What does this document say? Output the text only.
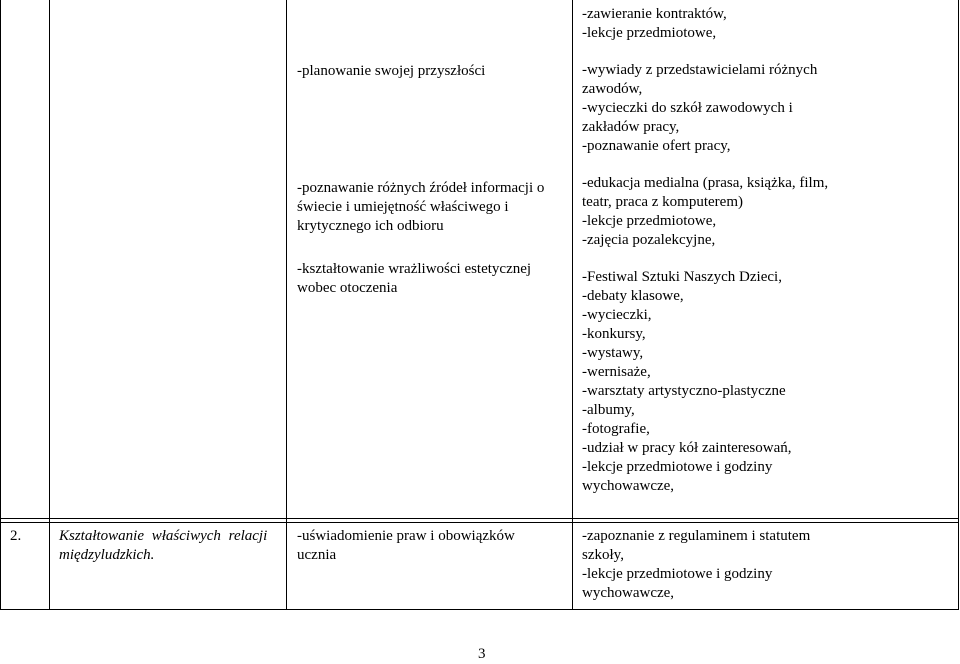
-planowanie swojej przyszłości
-poznawanie różnych źródeł informacji o
świecie i umiejętność właściwego i
krytycznego ich odbioru
-kształtowanie wrażliwości estetycznej
wobec otoczenia
-zawieranie kontraktów,
-lekcje przedmiotowe,
-wywiady z przedstawicielami różnych
zawodów,
-wycieczki do szkół zawodowych i
zakładów pracy,
-poznawanie ofert pracy,
-edukacja medialna (prasa, książka, film,
teatr, praca z komputerem)
-lekcje przedmiotowe,
-zajęcia pozalekcyjne,
-Festiwal Sztuki Naszych Dzieci,
-debaty klasowe,
-wycieczki,
-konkursy,
-wystawy,
-wernisaże,
-warsztaty artystyczno-plastyczne
-albumy,
-fotografie,
-udział w pracy kół zainteresowań,
-lekcje przedmiotowe i godziny
wychowawcze,
2.	Kształtowanie właściwych relacji
międzyludzkich.
-uświadomienie praw i obowiązków
ucznia
-zapoznanie z regulaminem i statutem
szkoły,
-lekcje przedmiotowe i godziny
wychowawcze,
3
